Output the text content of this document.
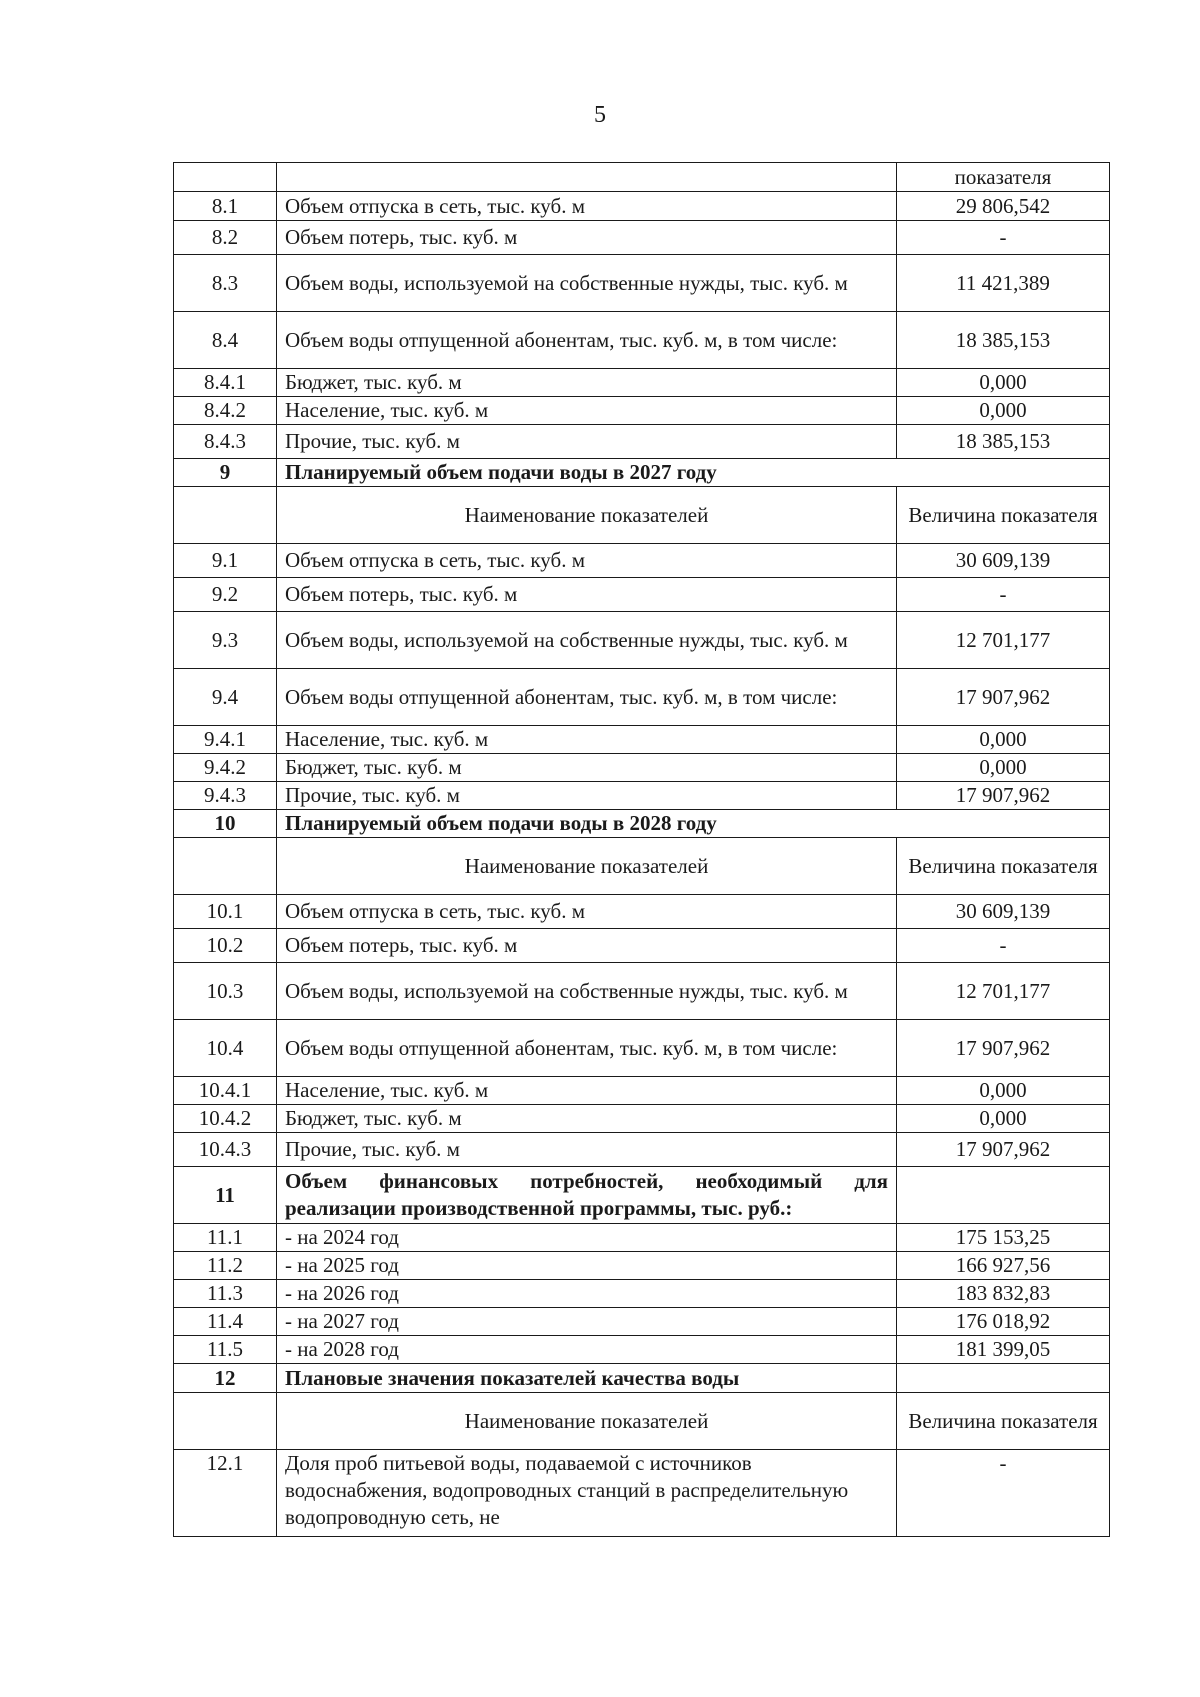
5
		показателя
8.1	Объем отпуска в сеть, тыс. куб. м	29 806,542
8.2	Объем потерь, тыс. куб. м	-
8.3	Объем воды, используемой на собственные нужды, тыс. куб. м	11 421,389
8.4	Объем воды отпущенной абонентам, тыс. куб. м, в том числе:	18 385,153
8.4.1	Бюджет, тыс. куб. м	0,000
8.4.2	Население, тыс. куб. м	0,000
8.4.3	Прочие, тыс. куб. м	18 385,153
9	Планируемый объем подачи воды в 2027 году	
	Наименование показателей	Величина показателя
9.1	Объем отпуска в сеть, тыс. куб. м	30 609,139
9.2	Объем потерь, тыс. куб. м	-
9.3	Объем воды, используемой на собственные нужды, тыс. куб. м	12 701,177
9.4	Объем воды отпущенной абонентам, тыс. куб. м, в том числе:	17 907,962
9.4.1	Население, тыс. куб. м	0,000
9.4.2	Бюджет, тыс. куб. м	0,000
9.4.3	Прочие, тыс. куб. м	17 907,962
10	Планируемый объем подачи воды в 2028 году	
	Наименование показателей	Величина показателя
10.1	Объем отпуска в сеть, тыс. куб. м	30 609,139
10.2	Объем потерь, тыс. куб. м	-
10.3	Объем воды, используемой на собственные нужды, тыс. куб. м	12 701,177
10.4	Объем воды отпущенной абонентам, тыс. куб. м, в том числе:	17 907,962
10.4.1	Население, тыс. куб. м	0,000
10.4.2	Бюджет, тыс. куб. м	0,000
10.4.3	Прочие, тыс. куб. м	17 907,962
11	Объем финансовых потребностей, необходимый для реализации производственной программы, тыс. руб.:	
11.1	- на 2024 год	175 153,25
11.2	- на 2025 год	166 927,56
11.3	- на 2026 год	183 832,83
11.4	- на 2027 год	176 018,92
11.5	- на 2028 год	181 399,05
12	Плановые значения показателей качества воды	
	Наименование показателей	Величина показателя
12.1	Доля проб питьевой воды, подаваемой с источников водоснабжения, водопроводных станций в распределительную водопроводную сеть, не	-
